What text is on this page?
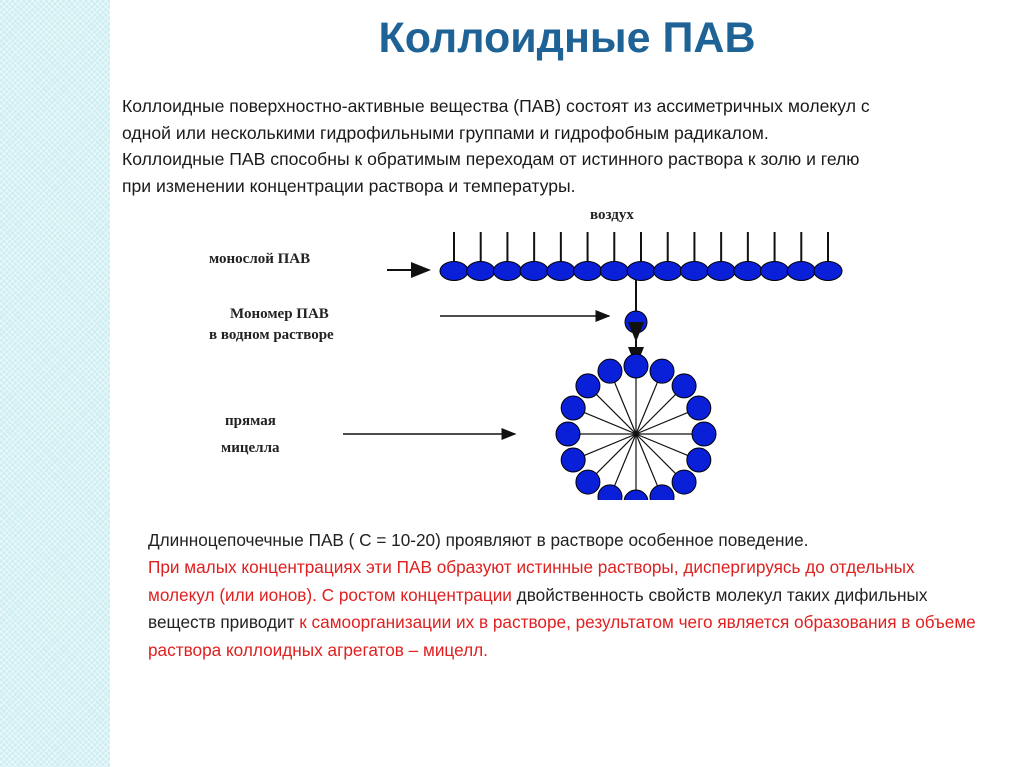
Коллоидные ПАВ

Коллоидные поверхностно-активные вещества (ПАВ) состоят из ассиметричных молекул с

одной или несколькими гидрофильными группами и гидрофобным радикалом.

Коллоидные ПАВ способны к обратимым переходам от истинного раствора к золю и гелю

при изменении концентрации раствора и температуры.

воздух
монослой ПАВ
Мономер ПАВ
в водном растворе
прямая
мицелла

Длинноцепочечные ПАВ ( С = 10-20) проявляют в растворе особенное поведение.

При малых концентрациях эти ПАВ образуют истинные растворы, диспергируясь до отдельных молекул (или ионов). С ростом концентрации двойственность свойств молекул таких дифильных веществ приводит к самоорганизации их в растворе, результатом чего является образования в объеме раствора коллоидных агрегатов – мицелл.
